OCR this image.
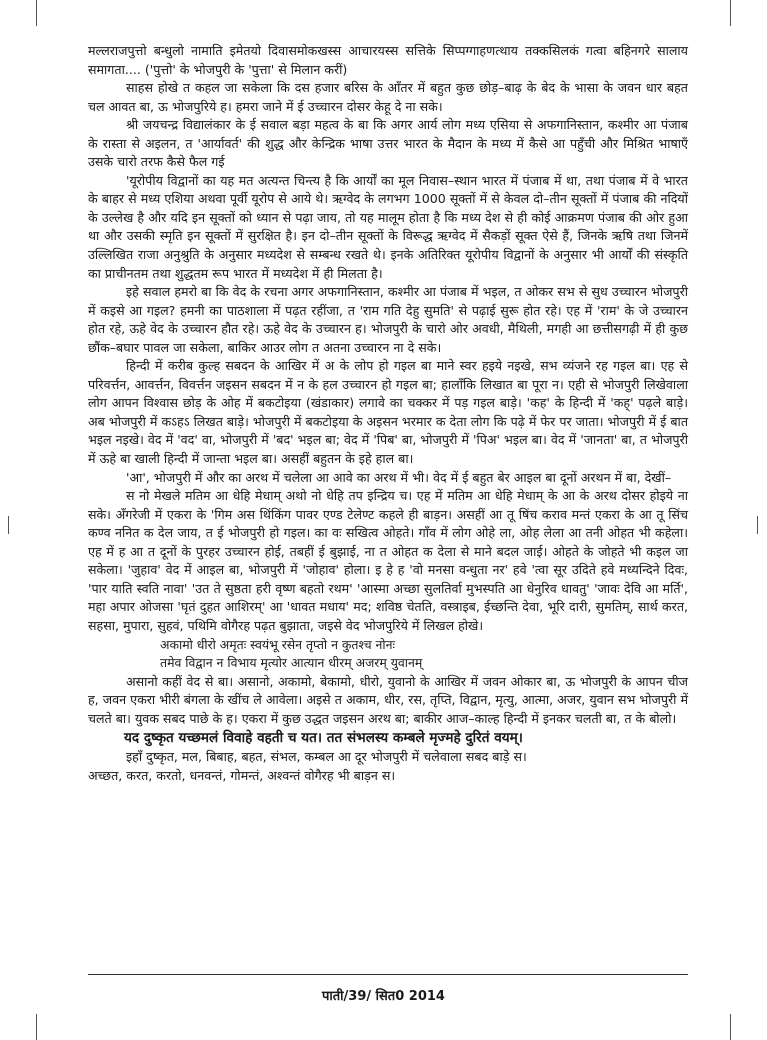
मल्लराजपुत्तो बन्धुलो नामाति इमेतयो दिवासमोकखस्स आचारयस्स सत्तिके सिप्पग्गाहणत्थाय तक्कसिलकं गत्वा बहिनगरे सालाय समागता.... ('पुत्तो' के भोजपुरी के 'पुत्ता' से मिलान करीं)

साहस होखे त कहल जा सकेला कि दस हजार बरिस के आँतर में बहुत कुछ छोड़–बाढ़ के बेद के भासा के जवन धार बहत चल आवत बा, ऊ भोजपुरिये ह। हमरा जाने में ई उच्चारन दोसर केहू दे ना सके।

श्री जयचन्द्र विद्यालंकार के ई सवाल बड़ा महत्व के बा कि अगर आर्य लोग मध्य एसिया से अफगानिस्तान, कश्मीर आ पंजाब के रास्ता से अइलन, त 'आर्यावर्त' की शुद्ध और केन्द्रिक भाषा उत्तर भारत के मैदान के मध्य में कैसे आ पहुँची और मिश्रित भाषाएँ उसके चारो तरफ कैसे फैल गई

'यूरोपीय विद्वानों का यह मत अत्यन्त चिन्त्य है कि आर्यों का मूल निवास–स्थान भारत में पंजाब में था, तथा पंजाब में वे भारत के बाहर से मध्य एशिया अथवा पूर्वी यूरोप से आये थे। ऋग्वेद के लगभग 1000 सूक्तों में से केवल दो–तीन सूक्तों में पंजाब की नदियों के उल्लेख है और यदि इन सूक्तों को ध्यान से पढ़ा जाय, तो यह मालूम होता है कि मध्य देश से ही कोई आक्रमण पंजाब की ओर हुआ था और उसकी स्मृति इन सूक्तों में सुरक्षित है। इन दो–तीन सूक्तों के विरूद्ध ऋग्वेद में सैकड़ों सूक्त ऐसे हैं, जिनके ऋषि तथा जिनमें उल्लिखित राजा अनुश्रुति के अनुसार मध्यदेश से सम्बन्ध रखते थे। इनके अतिरिक्त यूरोपीय विद्वानों के अनुसार भी आर्यों की संस्कृति का प्राचीनतम तथा शुद्धतम रूप भारत में मध्यदेश में ही मिलता है।

इहे सवाल हमरो बा कि वेद के रचना अगर अफगानिस्तान, कश्मीर आ पंजाब में भइल, त ओकर सभ से सुध उच्चारन भोजपुरी में कइसे आ गइल? हमनी का पाठशाला में पढ़त रहींजा, त 'राम गति देहु सुमति' से पढ़ाई सुरू होत रहे। एह में 'राम' के जे उच्चारन होत रहे, ऊहे वेद के उच्चारन हौत रहे। ऊहे वेद के उच्चारन ह। भोजपुरी के चारो ओर अवधी, मैथिली, मगही आ छत्तीसगढ़ी में ही कुछ छौंक–बघार पावल जा सकेला, बाकिर आउर लोग त अतना उच्चारन ना दे सके।

हिन्दी में करीब कुल्ह सबदन के आखिर में अ के लोप हो गइल बा माने स्वर हइये नइखे, सभ व्यंजने रह गइल बा। एह से परिवर्त्तन, आवर्त्तन, विवर्त्तन जइसन सबदन में न के हल उच्चारन हो गइल बा; हालाँकि लिखात बा पूरा न। एही से भोजपुरी लिखेवाला लोग आपन विश्वास छोड़ के ओह में बकटोइया (खंडाकार) लगावे का चक्कर में पड़ गइल बाड़े। 'कह' के हिन्दी में 'कह्' पढ़ले बाड़े। अब भोजपुरी में कऽहऽ लिखत बाड़े। भोजपुरी में बकटोइया के अइसन भरमार क देता लोग कि पढ़े में फेर पर जाता। भोजपुरी में ई बात भइल नइखे। वेद में 'वद' वा, भोजपुरी में 'बद' भइल बा; वेद में 'पिब' बा, भोजपुरी में 'पिअ' भइल बा। वेद में 'जानता' बा, त भोजपुरी में ऊहे बा खाली हिन्दी में जान्ता भइल बा। असहीं बहुतन के इहे हाल बा।

'आ', भोजपुरी में और का अरथ में चलेला आ आवे का अरथ में भी। वेद में ई बहुत बेर आइल बा दूनों अरथन में बा, देखीं–

स नो मेखले मतिम आ धेहि मेधाम् अथो नो धेहि तप इन्द्रिय च। एह में मतिम आ धेहि मेधाम् के आ के अरथ दोसर होइये ना सके। अँगरेजी में एकरा के 'गिम अस थिंकिंग पावर एण्ड टेलेण्ट कहले ही बाड़न। असहीं आ तू षिंच कराव मन्तं एकरा के आ तू सिंच कण्व ननित क देल जाय, त ई भोजपुरी हो गइल। का वः सखित्व ओहते। गाँव में लोग ओहे ला, ओह लेला आ तनी ओहत भी कहेला। एह में ह आ त दूनों के पुरहर उच्चारन होई, तबहीं ई बुझाई, ना त ओहत क देला से माने बदल जाई। ओहते के जोहते भी कइल जा सकेला। 'जुहाव' वेद में आइल बा, भोजपुरी में 'जोहाव' होला। इ हे ह 'वो मनसा वन्धुता नर' हवे 'त्वा सूर उदिते हवे मध्यन्दिने दिवः, 'पार याति स्वति नावा' 'उत ते सुष्ठता हरी वृष्ण बहतो रथम' 'आस्मा अच्छा सुलतिर्वा मुभस्पति आ धेनुरिव धावतु' 'जावः देवि आ मर्ति', महा अपार ओजसा 'घृतं दुहत आशिरम्' आ 'धावत मधाय' मद; शविष्ठ चेतति, वस्त्राइब, ईच्छन्ति देवा, भूरि दारी, सुमतिम्, सार्थ करत, सहसा, मुपारा, सुहवं, पथिमि वोगैरह पढ़त बुझाता, जइसे वेद भोजपुरिये में लिखल होखे।

अकामो धीरो अमृतः स्वयंभू रसेन तृप्तो न कुतश्च नोनः

तमेव विद्वान न विभाय मृत्योर आत्यान धीरम् अजरम् युवानम्

असानो कहीं वेद से बा। असानो, अकामो, बेकामो, धीरो, युवानो के आखिर में जवन ओकार बा, ऊ भोजपुरी के आपन चीज ह, जवन एकरा भीरी बंगला के खींच ले आवेला। अइसे त अकाम, धीर, रस, तृप्ति, विद्वान, मृत्यु, आत्मा, अजर, युवान सभ भोजपुरी में चलते बा। युवक सबद पाछे के ह। एकरा में कुछ उद्धत जइसन अरथ बा; बाकीर आज–काल्ह हिन्दी में इनकर चलती बा, त के बोलो।

यद दुष्कृत यच्छमलं विवाहे वहती च यत। तत संभलस्य कम्बले मृज्महे दुरितं वयम्।

इहाँ दुष्कृत, मल, बिबाह, बहत, संभल, कम्बल आ दूर भोजपुरी में चलेवाला सबद बाड़े स।

अच्छत, करत, करतो, धनवन्तं, गोमन्तं, अश्वन्तं वोगैरह भी बाड़न स।

पाती/39/ सित0 2014
